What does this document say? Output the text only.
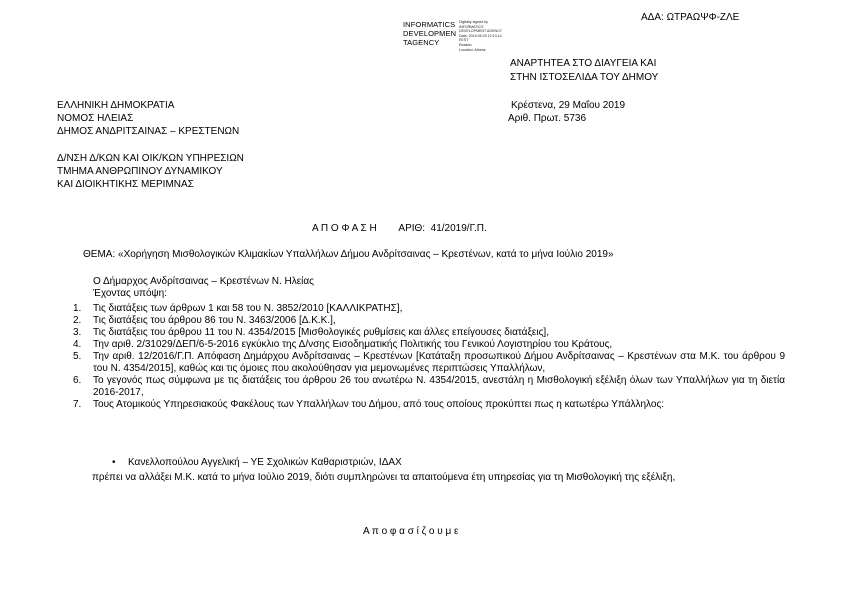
ΑΔΑ: ΩΤΡΑΩΨΦ-ΖΛΕ
INFORMATICS
DEVELOPMEN
TAGENCY
Digitally signed by
INFORMATICS
DEVELOPMENT AGENCY
Date: 2019.05.29 12:13:14
EEST
Reason:
Location: Athens
ΑΝΑΡΤΗΤΕΑ ΣΤΟ ΔΙΑΥΓΕΙΑ ΚΑΙ
ΣΤΗΝ ΙΣΤΟΣΕΛΙΔΑ ΤΟΥ ΔΗΜΟΥ
ΕΛΛΗΝΙΚΗ ΔΗΜΟΚΡΑΤΙΑ
ΝΟΜΟΣ ΗΛΕΙΑΣ
ΔΗΜΟΣ ΑΝΔΡΙΤΣΑΙΝΑΣ – ΚΡΕΣΤΕΝΩΝ
Κρέστενα, 29 Μαΐου 2019
Αριθ. Πρωτ. 5736
Δ/ΝΣΗ Δ/ΚΩΝ ΚΑΙ ΟΙΚ/ΚΩΝ ΥΠΗΡΕΣΙΩΝ
ΤΜΗΜΑ ΑΝΘΡΩΠΙΝΟΥ ΔΥΝΑΜΙΚΟΥ
ΚΑΙ ΔΙΟΙΚΗΤΙΚΗΣ ΜΕΡΙΜΝΑΣ
Α Π Ο Φ Α Σ Η        ΑΡΙΘ:  41/2019/Γ.Π.
ΘΕΜΑ: «Χορήγηση Μισθολογικών Κλιμακίων Υπαλλήλων Δήμου Ανδρίτσαινας – Κρεστένων, κατά το μήνα Ιούλιο 2019»
Ο Δήμαρχος Ανδρίτσαινας – Κρεστένων Ν. Ηλείας
Έχοντας υπόψη:
1. Τις διατάξεις των άρθρων 1 και 58 του Ν. 3852/2010 [ΚΑΛΛΙΚΡΑΤΗΣ],
2. Τις διατάξεις του άρθρου 86 του Ν. 3463/2006 [Δ.Κ.Κ.],
3. Τις διατάξεις του άρθρου 11 του Ν. 4354/2015 [Μισθολογικές ρυθμίσεις και άλλες επείγουσες διατάξεις],
4. Την αριθ. 2/31029/ΔΕΠ/6-5-2016 εγκύκλιο της Δ/νσης Εισοδηματικής Πολιτικής του Γενικού Λογιστηρίου του Κράτους,
5. Την αριθ. 12/2016/Γ.Π. Απόφαση Δημάρχου Ανδρίτσαινας – Κρεστένων [Κατάταξη προσωπικού Δήμου Ανδρίτσαινας – Κρεστένων στα Μ.Κ. του άρθρου 9 του Ν. 4354/2015], καθώς και τις όμοιες που ακολούθησαν για μεμονωμένες περιπτώσεις Υπαλλήλων,
6. Το γεγονός πως σύμφωνα με τις διατάξεις του άρθρου 26 του ανωτέρω Ν. 4354/2015, ανεστάλη η Μισθολογική εξέλιξη όλων των Υπαλλήλων για τη διετία 2016-2017,
7. Τους Ατομικούς Υπηρεσιακούς Φακέλους των Υπαλλήλων του Δήμου, από τους οποίους προκύπτει πως η κατωτέρω Υπάλληλος:
• Κανελλοπούλου Αγγελική – ΥΕ Σχολικών Καθαριστριών, ΙΔΑΧ
πρέπει να αλλάξει Μ.Κ. κατά το μήνα Ιούλιο 2019, διότι συμπληρώνει τα απαιτούμενα έτη υπηρεσίας για τη Μισθολογική της εξέλιξη,
Α π ο φ α σ ί ζ ο υ μ ε
